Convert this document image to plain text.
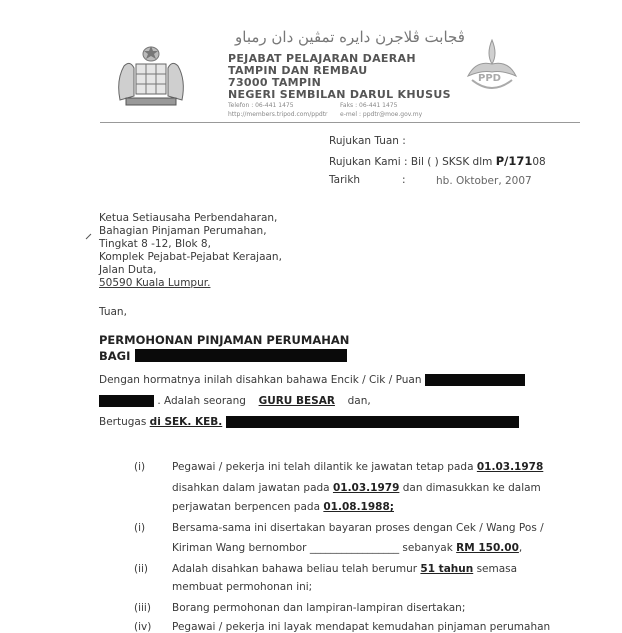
ڤجابت ڤلاجرن دايره تمڤين دان رمباو
PEJABAT PELAJARAN DAERAH
TAMPIN DAN REMBAU
73000 TAMPIN
NEGERI SEMBILAN DARUL KHUSUS
Telefon : 06-441 1475	Faks : 06-441 1475
http://members.tripod.com/ppdtr e-mel : ppdtr@moe.gov.my
PPD
Rujukan Tuan :
Rujukan Kami : Bil ( ) SKSK dlm P/17108
Tarikh	:	hb. Oktober, 2007
Ketua Setiausaha Perbendaharan,
Bahagian Pinjaman Perumahan,
Tingkat 8 -12, Blok 8,
Komplek Pejabat-Pejabat Kerajaan,
Jalan Duta,
50590 Kuala Lumpur.
Tuan,
PERMOHONAN PINJAMAN PERUMAHAN
BAGI
Dengan hormatnya inilah disahkan bahawa Encik / Cik / Puan
. Adalah seorang GURU BESAR dan,
Bertugas di SEK. KEB.
(i)	Pegawai / pekerja ini telah dilantik ke jawatan tetap pada 01.03.1978
disahkan dalam jawatan pada 01.03.1979 dan dimasukkan ke dalam
perjawatan berpencen pada 01.08.1988;
(i)	Bersama-sama ini disertakan bayaran proses dengan Cek / Wang Pos /
Kiriman Wang bernombor _________________ sebanyak RM 150.00,
(ii) Adalah disahkan bahawa beliau telah berumur 51 tahun semasa
membuat permohonan ini;
(iii) Borang permohonan dan lampiran-lampiran disertakan;
(iv) Pegawai / pekerja ini layak mendapat kemudahan pinjaman perumahan
